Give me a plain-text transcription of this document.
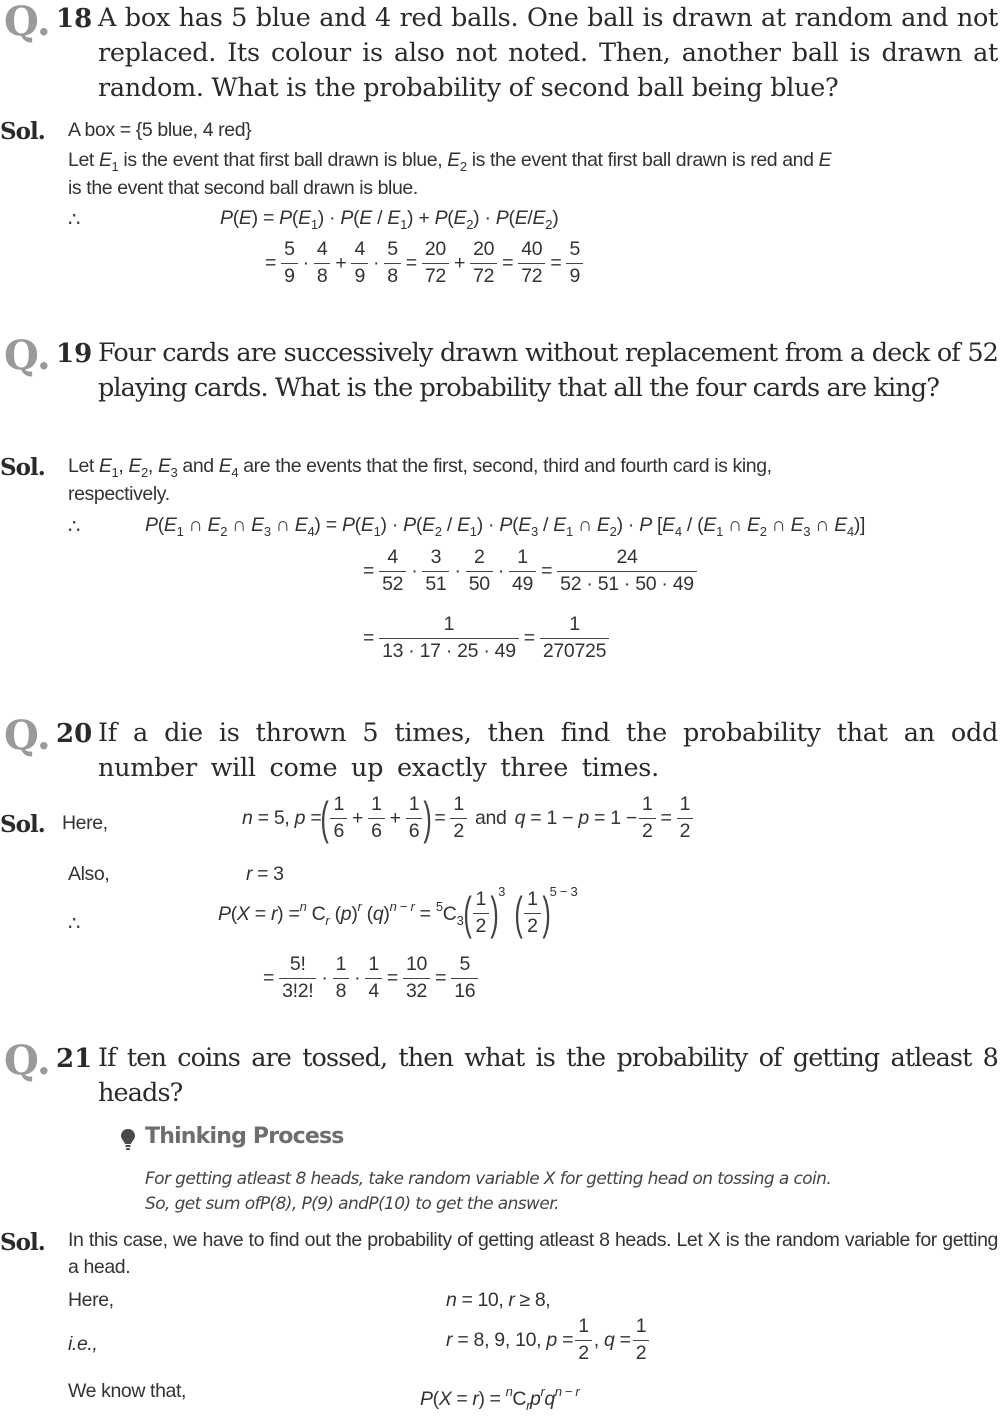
Q. 18 A box has 5 blue and 4 red balls. One ball is drawn at random and not replaced. Its colour is also not noted. Then, another ball is drawn at random. What is the probability of second ball being blue?
Sol. A box = {5 blue, 4 red}
Let $E_1$ is the event that first ball drawn is blue, $E_2$ is the event that first ball drawn is red and E
is the event that second ball drawn is blue.
∴	$P(E) = P(E_1) \cdot P(E / E_1) + P(E_2) \cdot P(E/E_2)$
= $\frac{5}{9} \cdot \frac{4}{8} + \frac{4}{9} \cdot \frac{5}{8} = \frac{20}{72} + \frac{20}{72} = \frac{40}{72} = \frac{5}{9}$
Q. 19 Four cards are successively drawn without replacement from a deck of 52 playing cards. What is the probability that all the four cards are king?
Sol. Let $E_1$, $E_2$, $E_3$ and $E_4$ are the events that the first, second, third and fourth card is king,
respectively.
∴	$P(E_1$ ∩ $E_2$ ∩ $E_3$ ∩ $E_4) = P(E_1) \cdot P(E_2 / E_1) \cdot P(E_3 / E_1$ ∩ $E_2) \cdot P$ [$E_4 / (E_1$ ∩ $E_2$ ∩ $E_3$ ∩ $E_4$)]
= $\frac{4}{52} \cdot \frac{3}{51} \cdot \frac{2}{50} \cdot \frac{1}{49} = \frac{24}{52 \cdot 51 \cdot 50 \cdot 49}$
= $\frac{1}{13 \cdot 17 \cdot 25 \cdot 49} = \frac{1}{270725}$
Q. 20 If a die is thrown 5 times, then find the probability that an odd number will come up exactly three times.
Sol. Here,	n = 5, p = ( $\frac{1}{6} + \frac{1}{6} + \frac{1}{6}$ ) = $\frac{1}{2}$ and $q = 1 - p = 1 - \frac{1}{2} = \frac{1}{2}$
Also,	r = 3
∴	P(X = r) =$^n$ $C_r$ $(p)^r$ $(q)^{n - r} = ^5C_3$ ( $\frac{1}{2}$ ) 3 ( $\frac{1}{2}$ ) 5 − 3
= $\frac{5!}{3!2!} \cdot \frac{1}{8} \cdot \frac{1}{4} = \frac{10}{32} = \frac{5}{16}$
Q. 21 If ten coins are tossed, then what is the probability of getting atleast 8 heads?
Thinking Process
For getting atleast 8 heads, take random variable X for getting head on tossing a coin.
So, get sum ofP(8), P(9) andP(10) to get the answer.
Sol. In this case, we have to find out the probability of getting atleast 8 heads. Let X is the random variable for getting a head.
Here,	n = 10, r ≥ 8,
i.e.,	r = 8, 9, 10, $p = \frac{1}{2}$ , $q = \frac{1}{2}$
We know that,	$P(X = r) = ^nC_rp^rq^{n - r}$
